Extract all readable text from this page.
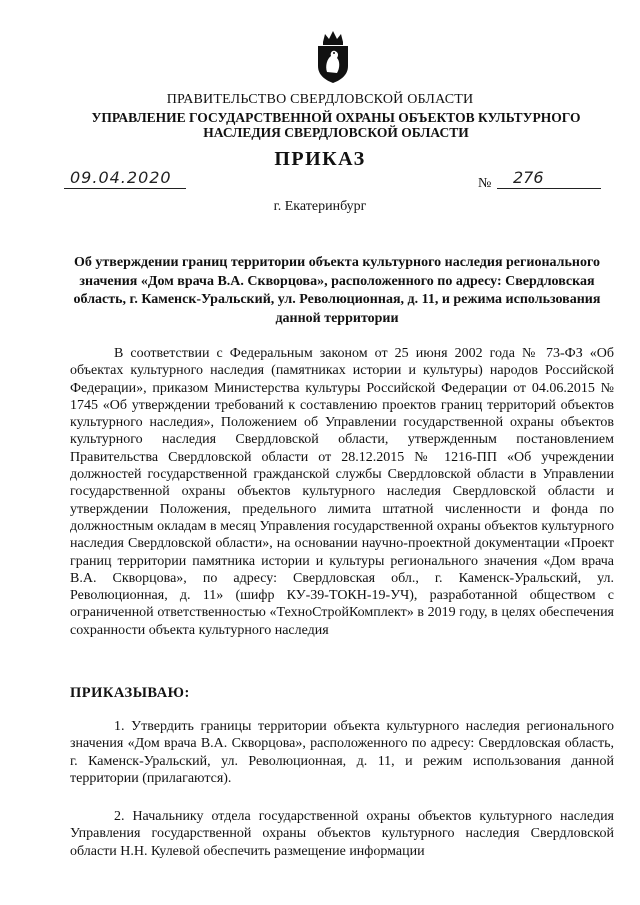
ПРАВИТЕЛЬСТВО СВЕРДЛОВСКОЙ ОБЛАСТИ
УПРАВЛЕНИЕ ГОСУДАРСТВЕННОЙ ОХРАНЫ ОБЪЕКТОВ КУЛЬТУРНОГО НАСЛЕДИЯ СВЕРДЛОВСКОЙ ОБЛАСТИ
ПРИКАЗ
09.04.2020	№ 276
г. Екатеринбург
Об утверждении границ территории объекта культурного наследия регионального значения «Дом врача В.А. Скворцова», расположенного по адресу: Свердловская область, г. Каменск-Уральский, ул. Революционная, д. 11, и режима использования данной территории

В соответствии с Федеральным законом от 25 июня 2002 года № 73-ФЗ «Об объектах культурного наследия (памятниках истории и культуры) народов Российской Федерации», приказом Министерства культуры Российской Федерации от 04.06.2015 № 1745 «Об утверждении требований к составлению проектов границ территорий объектов культурного наследия», Положением об Управлении государственной охраны объектов культурного наследия Свердловской области, утвержденным постановлением Правительства Свердловской области от 28.12.2015 № 1216-ПП «Об учреждении должностей государственной гражданской службы Свердловской области в Управлении государственной охраны объектов культурного наследия Свердловской области и утверждении Положения, предельного лимита штатной численности и фонда по должностным окладам в месяц Управления государственной охраны объектов культурного наследия Свердловской области», на основании научно-проектной документации «Проект границ территории памятника истории и культуры регионального значения «Дом врача В.А. Скворцова», по адресу: Свердловская обл., г. Каменск-Уральский, ул. Революционная, д. 11» (шифр КУ-39-ТОКН-19-УЧ), разработанной обществом с ограниченной ответственностью «ТехноСтройКомплект» в 2019 году, в целях обеспечения сохранности объекта культурного наследия

ПРИКАЗЫВАЮ:

1. Утвердить границы территории объекта культурного наследия регионального значения «Дом врача В.А. Скворцова», расположенного по адресу: Свердловская область, г. Каменск-Уральский, ул. Революционная, д. 11, и режим использования данной территории (прилагаются).

2. Начальнику отдела государственной охраны объектов культурного наследия Управления государственной охраны объектов культурного наследия Свердловской области Н.Н. Кулевой обеспечить размещение информации
